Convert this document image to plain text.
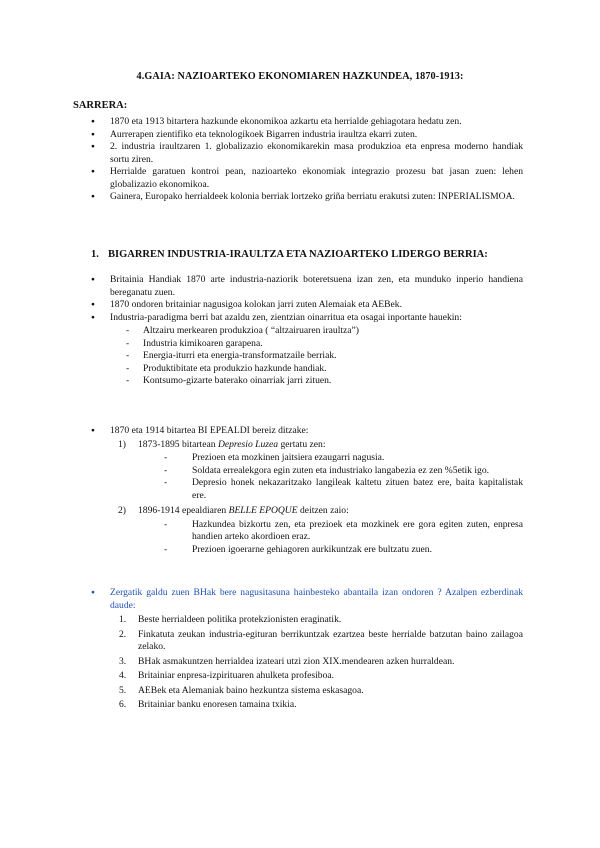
4.GAIA: NAZIOARTEKO EKONOMIAREN HAZKUNDEA, 1870-1913:
SARRERA:
●
1870 eta 1913 bitartera hazkunde ekonomikoa azkartu eta herrialde gehiagotara hedatu zen.
●
Aurrerapen zientifiko eta teknologikoek Bigarren industria iraultza ekarri zuten.
●
2. industria iraultzaren 1. globalizazio ekonomikarekin masa produkzioa eta enpresa moderno handiak sortu ziren.
●
Herrialde garatuen kontroi pean, nazioarteko ekonomiak integrazio prozesu bat jasan zuen: lehen globalizazio ekonomikoa.
●
Gainera, Europako herrialdeek kolonia berriak lortzeko griña berriatu erakutsi zuten: INPERIALISMOA.
1. BIGARREN INDUSTRIA-IRAULTZA ETA NAZIOARTEKO LIDERGO BERRIA:
●
Britainia Handiak 1870 arte industria-naziorik boteretsuena izan zen, eta munduko inperio handiena bereganatu zuen.
●
1870 ondoren britainiar nagusigoa kolokan jarri zuten Alemaiak eta AEBek.
●
Industria-paradigma berri bat azaldu zen, zientzian oinarritua eta osagai inportante hauekin:
- Altzairu merkearen produkzioa ( “altzairuaren iraultza”)
- Industria kimikoaren garapena.
- Energia-iturri eta energia-transformatzaile berriak.
- Produktibitate eta produkzio hazkunde handiak.
- Kontsumo-gizarte baterako oinarriak jarri zituen.
●
1870 eta 1914 bitartea BI EPEALDI bereiz ditzake:
1) 1873-1895 bitartean Depresio Luzea gertatu zen:
-	Prezioen eta mozkinen jaitsiera ezaugarri nagusia.
-	Soldata errealekgora egin zuten eta industriako langabezia ez zen %5etik igo.
-	Depresio honek nekazaritzako langileak kaltetu zituen batez ere, baita kapitalistak ere.
2) 1896-1914 epealdiaren BELLE EPOQUE deitzen zaio:
-	Hazkundea bizkortu zen, eta prezioek eta mozkinek ere gora egiten zuten, enpresa handien arteko akordioen eraz.
-	Prezioen igoerarne gehiagoren aurkikuntzak ere bultzatu zuen.
●
Zergatik galdu zuen BHak bere nagusitasuna hainbesteko abantaila izan ondoren ? Azalpen ezberdinak daude:
1. Beste herrialdeen politika protekzionisten eraginatik.
2. Finkatuta zeukan industria-egituran berrikuntzak ezartzea beste herrialde batzutan baino zailagoa zelako.
3. BHak asmakuntzen herrialdea izateari utzi zion XIX.mendearen azken hurraldean.
4. Britainiar enpresa-izpirituaren ahulketa profesiboa.
5. AEBek eta Alemaniak baino hezkuntza sistema eskasagoa.
6. Britainiar banku enoresen tamaina txikia.
